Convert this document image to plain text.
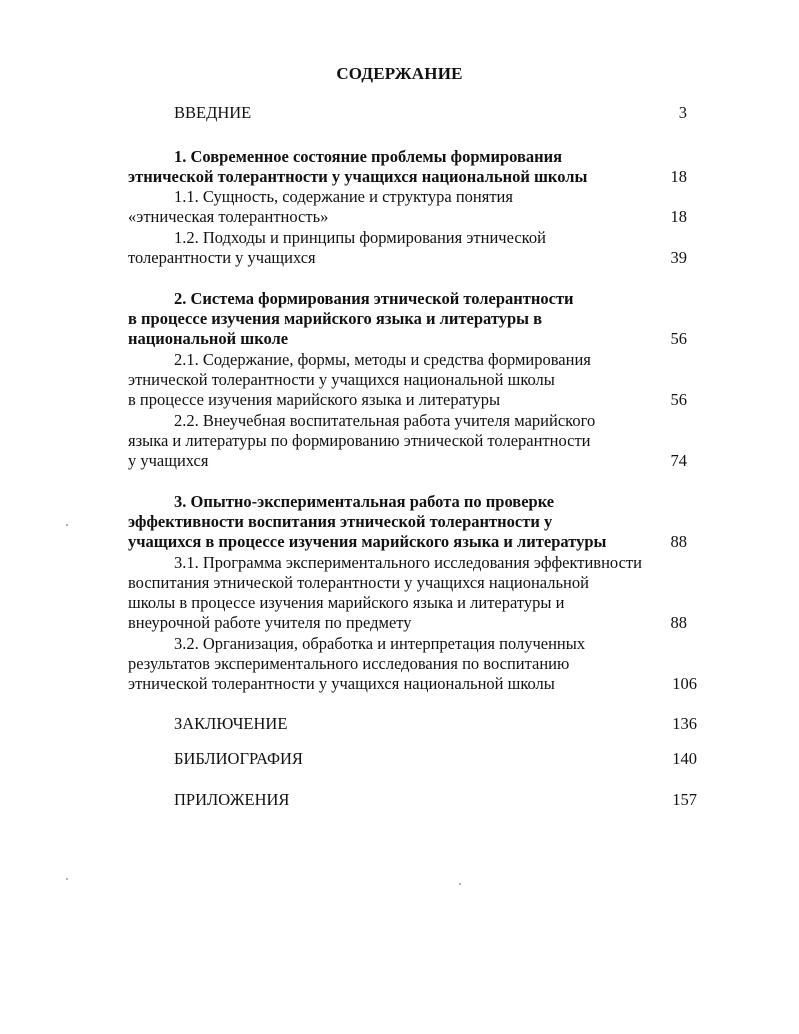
СОДЕРЖАНИЕ
ВВЕДНИЕ	3
1. Современное состояние проблемы формирования
этнической толерантности у учащихся национальной школы	18
1.1. Сущность, содержание и структура понятия
«этническая толерантность»	18
1.2. Подходы и принципы формирования этнической
толерантности у учащихся	39
2. Система формирования этнической толерантности
в процессе изучения марийского языка и литературы в
национальной школе	56
2.1. Содержание, формы, методы и средства формирования
этнической толерантности у учащихся национальной школы
в процессе изучения марийского языка и литературы	56
2.2. Внеучебная воспитательная работа учителя марийского
языка и литературы по формированию этнической толерантности
у учащихся	74
3. Опытно-экспериментальная работа по проверке
эффективности воспитания этнической толерантности у
учащихся в процессе изучения марийского языка и литературы	88
3.1. Программа экспериментального исследования эффективности
воспитания этнической толерантности у учащихся национальной
школы в процессе изучения марийского языка и литературы и
внеурочной работе учителя по предмету	88
3.2. Организация, обработка и интерпретация полученных
результатов экспериментального исследования по воспитанию
этнической толерантности у учащихся национальной школы	106
ЗАКЛЮЧЕНИЕ	136
БИБЛИОГРАФИЯ	140
ПРИЛОЖЕНИЯ	157
